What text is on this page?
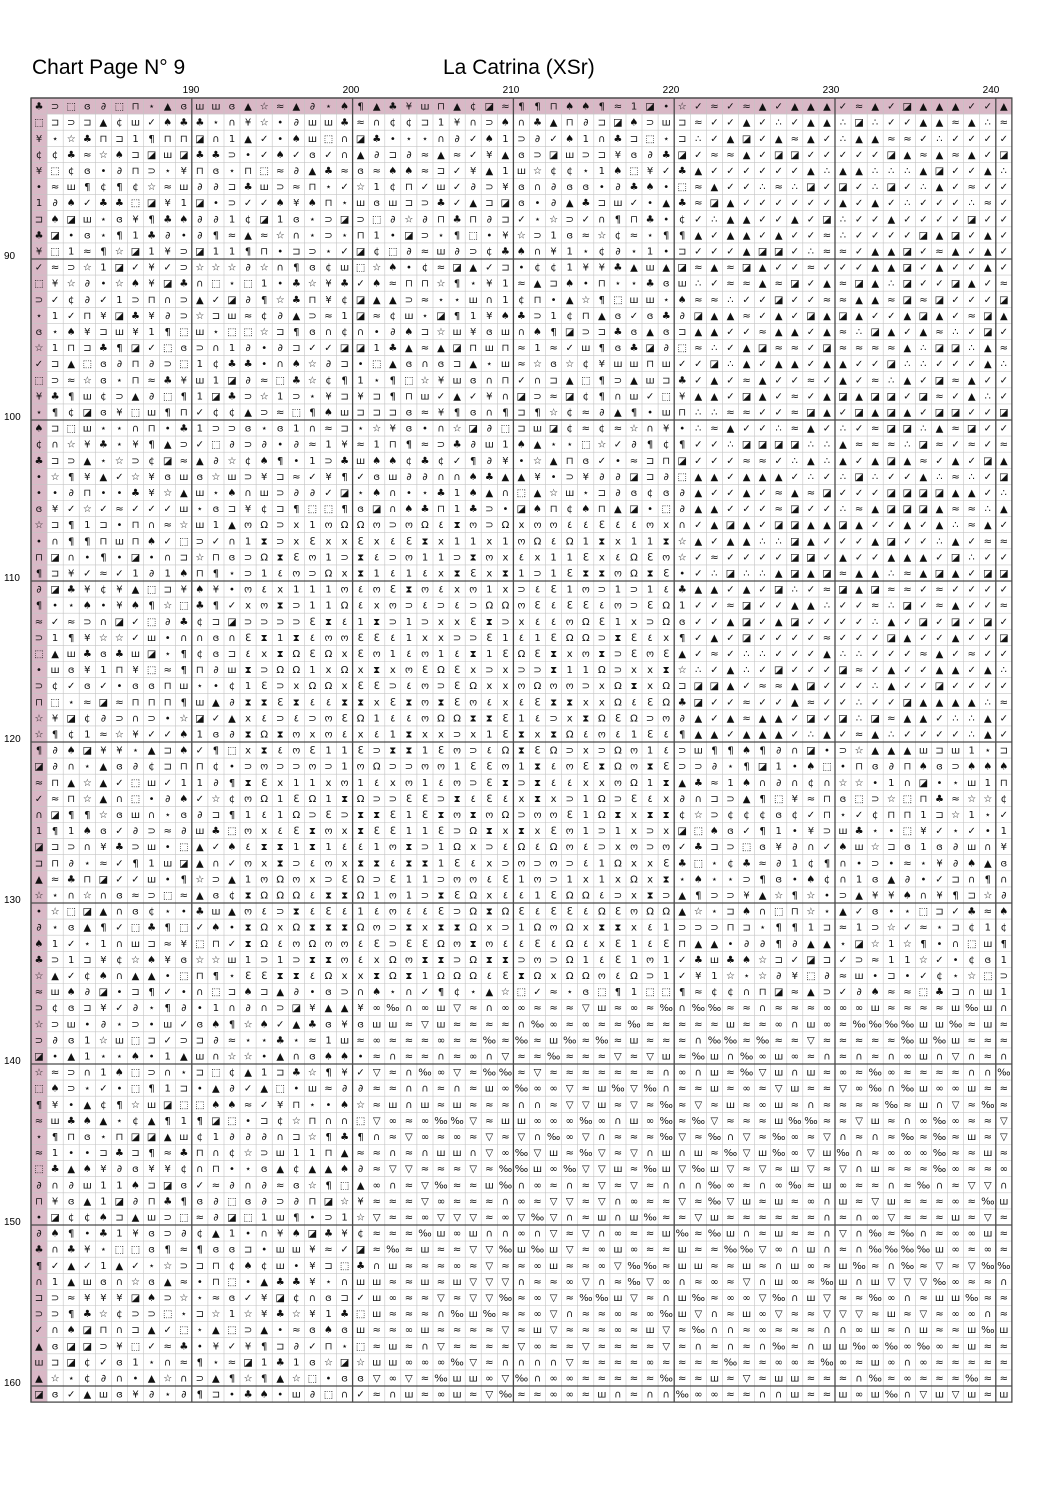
Chart Page N° 9	La Catrina (XSr)
190	200	210	220	230	240
90
100
110
120
130
140
150
160
♣ ⊃ ⬚ ɞ ∂ ⬚ ⊓ ⋆ ▲ ɞ ш ш ɞ ▲ ☆ ≈ ▲ ∂ ⋆ ♠ ¶ ▲ ♣ ¥ ш ⊓ ▲ ¢ ◪ ≈ ¶ ¶ ⊓ ♠ ♠ ¶ ≈ 1 ◪ • ☆ ✓ ≈ ✓ ≈ ▲ ✓ ▲ ▲ ▲ ✓ ≈ ▲ ✓ ◪ ▲ ▲ ▲ ✓ ✓ ▲
⬚ ⊐ ⊃ ⊐ ▲ ¢ ш ✓ ♠ ♣ ♣ ⋆ ∩ ¥ ☆ • ∂ ш ш ♣ ≈ ∩ ¢ ¢ ⊐ 1 ¥ ∩ ⊃ ♠ ∩ ♣ ▲ ⊓ ∂ ⊐ ◪ ♠ ⊃ ш ⊐ ≈ ✓ ✓ ▲ ✓ ∴ ✓ ▲ ▲ ∴ ◪ ∴ ✓ ✓ ▲ ▲ ≈ ▲ ∴ ≈
¥ ⋆ ☆ ♣ ⊓ ⊐ 1 ¶ ⊓ ⊓ ◪ ∩ 1 ▲ ✓ • ♠ ш ⬚ ∩ ◪ ♣ • ⋆ ⋆ ∩ ∂ ✓ ♠ 1 ⊃ ∂ ✓ ♠ 1 ∩ ♣ ⊐ ⬚ ⋆ ⊐ ∴ ✓ ▲ ◪ ✓ ▲ ≈ ▲ ✓ ∴ ▲ ▲ ≈ ≈ ✓ ∴ ✓ ✓ ✓ ✓
¢ ¢ ♣ ≈ ☆ ♠ ⊐ ◪ ш ◪ ♣ ♣ ⊃ • ✓ ♠ ✓ ɞ ✓ ∩ ▲ ∂ ⊐ ∂ ≈ ▲ ≈ ✓ ¥ ▲ ɞ ⊃ ◪ ш ⊃ ⊐ ¥ ɞ ∂ ♣ ◪ ✓ ≈ ≈ ▲ ✓ ◪ ◪ ✓ ✓ ✓ ✓ ✓ ◪ ▲ ≈ ▲ ≈ ▲ ✓ ◪
¥ ⬚ ¢ ɞ • ∂ ⊓ ⊃ ⋆ ¥ ⊓ ɞ ⋆ ⊓ ⬚ ≈ ∂ ▲ ♣ ≈ ɞ ≈ ♠ ♠ ≈ ⊐ ✓ ¥ ▲ 1 ш ☆ ¢ ¢ ⋆ 1 ♠ ⬚ ¥ ✓ ♣ ▲ ✓ ✓ ✓ ✓ ✓ ✓ ▲ ∴ ▲ ▲ ∴ ∴ ∴ ▲ ◪ ✓ ✓ ▲ ∴
• ≈ ш ¶ ¢ ¶ ¢ ☆ ≈ ш ∂ ∂ ⊐ ♣ ш ⊃ ≈ ⊓ ⋆ ✓ ☆ 1 ¢ ⊓ ✓ ш ✓ ∂ ⊃ ¥ ɞ ∩ ∂ ɞ ɞ • ∂ ♣ ♠ • ⬚ ≈ ▲ ✓ ✓ ∴ ≈ ∴ ◪ ✓ ◪ ✓ ∴ ◪ ✓ ∴ ▲ ✓ ≈ ✓ ✓
1 ∂ ♠ ✓ ♣ ♣ ⬚ ◪ ¥ 1 ◪ • ⊃ ✓ ✓ ♠ ¥ ♠ ⊓ ⋆ ш ɞ ш ⊐ ⊃ ♣ ✓ ▲ ⊐ ◪ ɞ • ∂ ▲ ♣ ⊐ ш ✓ • ▲ ♣ ≈ ◪ ▲ ✓ ✓ ✓ ✓ ✓ ✓ ▲ ✓ ▲ ✓ ∴ ✓ ✓ ✓ ∴ ≈ ✓
⊐ ♠ ◪ ш ⋆ ɞ ¥ ¶ ♣ ♠ ∂ ∂ 1 ¢ ◪ 1 ɞ ⋆ ⊃ ◪ ⊃ ⬚ ∂ ☆ ∂ ⊓ ♣ ⊓ ∂ ⊐ ✓ ⋆ ☆ ⊃ ✓ ∩ ¶ ⊓ ♣ • ¢ ✓ ∴ ▲ ▲ ✓ ✓ ▲ ✓ ◪ ∴ ✓ ✓ ▲ ✓ ✓ ✓ ✓ ◪ ✓ ✓
♣ ◪ • ɞ ⋆ ¶ 1 ♣ ∂ • ∂ ¶ ≈ ▲ ≈ ☆ ∩ ⋆ ⊃ ⋆ ⊓ 1 • ◪ ⊃ ⋆ ¶ ⬚ • ¥ ☆ ⊃ 1 ɞ ≈ ☆ ¢ ≈ ⋆ ¶ ¶ ▲ ✓ ▲ ▲ ✓ ▲ ✓ ✓ ≈ ∴ ✓ ✓ ✓ ✓ ◪ ▲ ◪ ✓ ▲ ✓
¥ ⬚ 1 ≈ ¶ ☆ ◪ 1 ¥ ⊃ ◪ 1 1 ¶ ⊓ • ⊐ ⊃ ⋆ ✓ ◪ ¢ ⬚ ∂ ≈ ш ∂ ⊃ ¢ ♣ ♠ ∩ ¥ 1 ⋆ ¢ ∂ ⋆ 1 • ⊐ ✓ ✓ ✓ ▲ ◪ ◪ ✓ ∴ ≈ ≈ ✓ ▲ ▲ ◪ ✓ ≈ ▲ ✓ ▲ ✓
✓ ≈ ⊃ ☆ 1 ◪ ✓ ¥ ✓ ⊃ ☆ ☆ ☆ ∂ ☆ ∩ ¶ ɞ ¢ ш ⬚ ☆ ♠ • ¢ ≈ ◪ ▲ ✓ ⊐ • ¢ ¢ 1 ¥ ¥ ♣ ▲ ш ▲ ◪ ≈ ▲ ≈ ◪ ▲ ✓ ✓ ≈ ✓ ✓ ✓ ▲ ▲ ◪ ✓ ▲ ✓ ✓ ▲ ✓
⬚ ¥ ☆ ∂ • ☆ ♠ ¥ ◪ ♣ ∩ ⬚ ⋆ ⬚ 1 • ♣ ☆ ¥ ♣ ✓ ♠ ≈ ⊓ ⊓ ☆ ¶ ⋆ ¥ 1 ≈ ▲ ⊐ ♠ • ⊓ ⋆ ⋆ ♣ ɞ ш ∴ ✓ ≈ ≈ ▲ ≈ ◪ ✓ ▲ ≈ ◪ ▲ ∴ ◪ ✓ ✓ ◪ ▲ ✓ ≈
⊃ ✓ ¢ ∂ ✓ 1 ⊃ ⊓ ∩ ⊃ ▲ ✓ ◪ ∂ ¶ ☆ ♣ ⊓ ¥ ¢ ◪ ▲ ▲ ⊃ ≈ ⋆ ⋆ ш ∩ 1 ¢ ⊓ • ▲ ☆ ¶ ⬚ ш ш ⋆ ♠ ≈ ≈ ∴ ✓ ✓ ◪ ✓ ✓ ≈ ≈ ▲ ▲ ≈ ◪ ≈ ◪ ✓ ✓ ✓ ◪
⋆ 1 ✓ ⊓ ¥ ◪ ♣ ¥ ∂ ⊃ ☆ ⊐ ш ≈ ¢ ∂ ▲ ⊃ ≈ 1 ◪ ≈ ¢ ш ⋆ ◪ ¶ 1 ¥ ♠ ♣ ⊃ 1 ¢ ⊓ ▲ ɞ ✓ ɞ ♣ ∂ ◪ ▲ ▲ ≈ ✓ ▲ ✓ ◪ ▲ ◪ ▲ ✓ ✓ ▲ ◪ ▲ ✓ ≈ ◪ ▲
ɞ ⋆ ♠ ¥ ⊐ ш ¥ 1 ¶ ⬚ ш ⋆ ⬚ ⬚ ☆ ⊐ ¶ ɞ ∩ ¢ ∩ • ∂ ♠ ⊐ ☆ ш ¥ ɞ ш ∩ ♠ ¶ ◪ ⊃ ⊐ ♣ ɞ ▲ ɞ ⊐ ▲ ▲ ✓ ✓ ≈ ▲ ▲ ✓ ▲ ≈ ∴ ◪ ▲ ✓ ▲ ≈ ∴ ✓ ◪ ✓
☆ 1 ⊓ ⊐ ♣ ¶ ◪ ✓ ⬚ ɞ ⊃ ∩ 1 ∂ • ∂ ⊐ ✓ ✓ ◪ ◪ 1 ♣ ▲ ≈ ▲ ◪ ⊓ ш ⊓ ≈ 1 ≈ ✓ ш ¶ ɞ ♣ ◪ ∂ ⬚ ≈ ∴ ✓ ▲ ◪ ≈ ≈ ✓ ◪ ≈ ≈ ≈ ≈ ▲ ∴ ◪ ◪ ∴ ▲ ≈
✓ ⊐ ▲ ⬚ ɞ ∂ ⊓ ∂ ⊃ ⬚ 1 ¢ ♣ ♣ • ∩ ♠ ☆ ∂ ⊐ • ⬚ ▲ ɞ ∩ ɞ ⊐ ▲ ⋆ ш ≈ ☆ ɞ ☆ ¢ ¥ ш ш ⊓ ш ✓ ✓ ◪ ∴ ▲ ✓ ▲ ▲ ✓ ▲ ▲ ✓ ✓ ◪ ∴ ∴ ✓ ✓ ✓ ▲ ∴
⬚ ⊃ ≈ ☆ ɞ ⋆ ⊓ ≈ ♣ ¥ ш 1 ◪ ∂ ≈ ⬚ ♣ ☆ ¢ ¶ 1 ⋆ ¶ ⬚ ☆ ¥ ш ɞ ∩ ⊓ ✓ ∩ ⊐ ▲ ⬚ ¶ ⊃ ▲ ш ⊐ ♣ ✓ ▲ ✓ ≈ ▲ ✓ ✓ ≈ ✓ ▲ ✓ ≈ ∴ ▲ ✓ ◪ ≈ ▲ ✓ ✓
¥ ♣ ¶ ш ¢ ⊃ ▲ ∂ ⬚ ¶ 1 ◪ ♣ ⊃ ☆ 1 ⊃ ⋆ ¥ ⊐ ¥ ⊐ ¶ ⊓ ш ✓ ▲ ✓ ¥ ∩ ◪ ⊃ ≈ ◪ ¢ ¶ ∩ ш ✓ ⬚ ¥ ▲ ▲ ✓ ◪ ▲ ✓ ≈ ✓ ▲ ◪ ▲ ◪ ◪ ✓ ◪ ≈ ✓ ▲ ∴ ✓
⋆ ¶ ¢ ◪ ɞ ¥ ⬚ ш ¶ ⊓ ✓ ¢ ¢ ▲ ⊃ ≈ ⬚ ¶ ♠ ш ⊐ ⊐ ⊐ ɞ ≈ ¥ ¶ ɞ ∩ ¶ ⊐ ¶ ☆ ¢ ≈ ∂ ▲ ¶ • ш ⊓ ∴ ∴ ≈ ≈ ✓ ✓ ≈ ◪ ▲ ✓ ◪ ▲ ◪ ▲ ✓ ◪ ◪ ✓ ✓ ◪
♠ ⊐ ⬚ ш ⋆ ⋆ ∩ ⊓ • ♣ 1 ⊃ ⊃ ɞ ⋆ ɞ 1 ∩ ≈ ⊐ ⋆ ☆ ¥ ɞ • ∩ ☆ ◪ ∂ ⬚ ⊐ ш ◪ ¢ ≈ ¢ ≈ ☆ ∩ ¥ • ∴ ≈ ▲ ✓ ✓ ∴ ≈ ▲ ✓ ∴ ✓ ≈ ◪ ◪ ∴ ▲ ≈ ◪ ✓ ✓
¢ ∩ ☆ ¥ ♣ ⋆ ¥ ¶ ▲ ⊃ ✓ ⬚ ∂ ⊃ ∂ • ∂ ≈ 1 ¥ ≈ 1 ⊓ ¶ ≈ ⊃ ♣ ∂ ш 1 ♠ ▲ ⋆ ⋆ ⬚ ☆ ✓ ∂ ¶ ¢ ¶ ✓ ✓ ∴ ◪ ◪ ◪ ◪ ∴ ∴ ▲ ≈ ≈ ≈ ∴ ◪ ≈ ✓ ≈ ✓ ≈
♣ ⊐ ⊃ ▲ ⋆ ☆ ⊃ ¢ ◪ ≈ ▲ ∂ ☆ ¢ ♠ ¶ • 1 ⊃ ♣ ш ♠ ♠ ¢ ♣ ¢ ✓ ¶ ∂ ¥ • ☆ ▲ ⊓ ɞ ✓ • ≈ ⊐ ⊓ ◪ ✓ ✓ ✓ ≈ ≈ ✓ ∴ ▲ ∴ ▲ ✓ ▲ ◪ ▲ ≈ ✓ ▲ ✓ ◪ ▲
• ☆ ¶ ¥ ▲ ✓ ☆ ¥ ɞ ш ɞ ☆ ш ⊃ ¥ ⊐ ≈ ✓ ¥ ¶ ✓ ɞ ш ∂ ∂ ∩ ∩ ♠ ♣ ▲ ▲ ¥ • ⊃ ¥ ∂ ∂ ◪ ⊐ ∂ ⬚ ▲ ▲ ✓ ▲ ▲ ▲ ✓ ∴ ✓ ∴ ◪ ∴ ✓ ✓ ▲ ∴ ≈ ∴ ✓ ◪
• • ∂ ⊓ • • ♣ ¥ ☆ ▲ ш ⋆ ♠ ∩ ш ⊃ ∂ ∂ ✓ ◪ ⋆ ♠ ∩ • ⋆ ♣ 1 ♠ ▲ ∩ ⬚ ▲ ☆ ш ⋆ ⊐ ∂ ɞ ¢ ɞ ∂ ▲ ✓ ✓ ▲ ✓ ≈ ▲ ≈ ◪ ✓ ✓ ✓ ◪ ◪ ◪ ◪ ▲ ▲ ✓ ∴
ɞ ¥ ✓ ☆ ✓ ≈ ✓ ✓ ✓ ш ⋆ ɞ ⊐ ¥ ¢ ⊐ ¶ ⬚ ⬚ ¶ ɞ ◪ ∩ ♠ ♣ ⊓ 1 ♣ ⊃ • ◪ ♠ ⊓ ¢ ♠ ⊓ ▲ ◪ • ⬚ ∂ ▲ ▲ ✓ ✓ ✓ ≈ ◪ ✓ ✓ ∴ ≈ ▲ ◪ ◪ ◪ ▲ ≈ ≈ ∴ ▲
☆ ⊐ ¶ 1 ⊐ • ⊓ ∩ ≈ ☆ ш 1 ▲ ო Ω ⊃ x 1 ო Ω Ω ო ⊃ ო Ω ٤ ⧗ ო ⊃ Ω x ო ო ٤ ٤ ℇ ٤ ٤ ო x ∩ ✓ ▲ ◪ ▲ ✓ ◪ ◪ ▲ ▲ ◪ ▲ ✓ ✓ ▲ ✓ ▲ ∴ ≈ ▲ ✓
• ∩ ¶ ¶ ⊓ ш ⊓ ♠ ✓ ⬚ ⊃ ✓ ∩ 1 ⧗ ⊃ x ℇ x x ℇ x ٤ ℇ ⧗ x 1 1 x 1 ო Ω ٤ Ω 1 ⧗ x 1 1 ⧗ ☆ ▲ ✓ ▲ ▲ ∴ ∴ ◪ ▲ ✓ ✓ ✓ ▲ ◪ ✓ ✓ ∴ ▲ ✓ ≈ ≈
⊓ ◪ ∩ • ¶ • ◪ • ∩ ⊐ ☆ ⊓ ɞ ⊃ Ω ⧗ ℇ ო 1 ⊃ ⧗ ٤ ⊃ ო 1 1 ⊃ ⧗ ო x ٤ x 1 1 ℇ x ٤ Ω ℇ ო ☆ ✓ ≈ ✓ ✓ ✓ ✓ ◪ ◪ ✓ ▲ ✓ ✓ ▲ ▲ ▲ ✓ ◪ ∴ ✓ ✓
¶ ⊐ ¥ ✓ ≈ ✓ 1 ∂ 1 ♠ ⊓ ¶ ⋆ ⊃ 1 ٤ ო ⊃ Ω x ⧗ 1 ٤ 1 ٤ x ⧗ ℇ x ⧗ 1 ⊃ 1 ℇ ⧗ ⧗ ო Ω ⧗ ℇ • ✓ ∴ ◪ ∴ ∴ ▲ ◪ ▲ ◪ ≈ ▲ ▲ ∴ ≈ ▲ ◪ ▲ ✓ ◪ ◪
∂ ◪ ♣ ¥ ¢ ¥ ▲ ⬚ ⊐ ¥ ♠ ¥ • ო ٤ x 1 1 1 ო ٤ ო ℇ ⧗ ო ٤ x ო 1 x ⊃ ٤ ℇ 1 ო ⊃ 1 ⊃ 1 ٤ ♣ ▲ ▲ ✓ ▲ ✓ ◪ ∴ ✓ ≈ ◪ ▲ ◪ ≈ ≈ ✓ ≈ ✓ ✓ ✓ ✓
¶ • ⋆ ♠ • ¥ ♠ ¶ ☆ ⬚ ♣ ¶ ✓ x ო ⧗ ⊃ 1 1 Ω ٤ x ო ⊃ ٤ ⊃ ٤ ⊃ Ω Ω ო ℇ ٤ ℇ ℇ ٤ ო ⊃ ℇ Ω 1 ✓ ✓ ≈ ◪ ✓ ✓ ▲ ▲ ∴ ✓ ✓ ≈ ∴ ◪ ✓ ≈ ▲ ✓ ✓ ≈
≈ ✓ ≈ ⊃ ∩ ◪ ✓ ⬚ ∂ ♣ ¢ ⊐ ◪ ⊃ ⊃ ⊃ ⊃ ℇ ⧗ ٤ 1 ⧗ ⊃ 1 ⊃ x x ℇ ⧗ ⊃ x ٤ ٤ ო Ω ℇ 1 x ⊃ Ω ɞ ✓ ✓ ▲ ◪ ✓ ▲ ◪ ✓ ✓ ✓ ✓ ∴ ▲ ✓ ◪ ✓ ◪ ✓ ◪ ✓
⊃ 1 ¶ ¥ ☆ ☆ ✓ ш • ∩ ∩ ɞ ∩ ℇ ⧗ 1 ⧗ ٤ ო ო ℇ ℇ ٤ 1 x x ⊃ ⊃ ℇ 1 ٤ 1 ℇ Ω Ω ⊃ ⧗ ℇ ٤ x ¶ ✓ ▲ ✓ ◪ ✓ ✓ ✓ ✓ ≈ ✓ ✓ ✓ ◪ ▲ ✓ ✓ ▲ ✓ ✓ ◪
⬚ ▲ ш ♣ ɞ ♣ ш ◪ ⋆ ¶ ¢ ɞ ⊐ ٤ x ⧗ Ω ℇ Ω x ℇ ო 1 ٤ ო 1 ٤ ⧗ 1 ℇ Ω ℇ ⧗ x ო ⧗ ⊃ ℇ ო ℇ ▲ ✓ ≈ ✓ ∴ ∴ ✓ ✓ ✓ ▲ ∴ ∴ ✓ ✓ ✓ ≈ ▲ ✓ ≈ ✓ ✓
• ш ɞ ¥ 1 ⊓ ¥ ⬚ ≈ ¶ ⊓ ∂ ш ⧗ ⊃ Ω Ω 1 x Ω x ⧗ x ო ℇ Ω ℇ x ⊃ x ⊃ ⊃ ⧗ 1 1 Ω ⊃ x x ⧗ ☆ ∴ ✓ ▲ ∴ ✓ ◪ ✓ ✓ ✓ ◪ ≈ ✓ ▲ ✓ ✓ ▲ ▲ ✓ ▲ ∴
⊃ ¢ ✓ ɞ ✓ • ɞ ɞ ⊓ ш ⋆ • ¢ 1 ℇ ⊃ x Ω Ω x ℇ ℇ ⊃ ٤ ო ⊃ ℇ Ω x x ო Ω ო ო ⊃ x Ω ⧗ x Ω ⊐ ◪ ◪ ▲ ✓ ≈ ≈ ▲ ◪ ✓ ✓ ✓ ∴ ▲ ✓ ✓ ◪ ✓ ✓ ✓ ✓
⊓ ⬚ ⋆ ≈ ◪ ≈ ⊓ ⊓ ⊓ ¶ ш ▲ ∂ ⧗ ⧗ ℇ ⧗ ٤ ٤ ⧗ ⧗ x ℇ ⧗ ო ⧗ ℇ ო ٤ x ٤ ℇ ⧗ ⧗ x x Ω ٤ ℇ Ω ♣ ◪ ✓ ✓ ≈ ✓ ✓ ▲ ≈ ✓ ✓ ∴ ✓ ✓ ◪ ▲ ▲ ▲ ▲ ∴ ≈
☆ ¥ ◪ ¢ ∂ ⊃ ∩ ⊃ • ☆ ◪ ✓ ▲ x ٤ ⊃ ٤ ⊃ ო ℇ Ω 1 ٤ ٤ ო Ω Ω ⧗ ⧗ ℇ 1 ٤ ⊃ x ⧗ Ω ℇ Ω ⊃ ო ∂ ▲ ✓ ▲ ≈ ▲ ▲ ✓ ◪ ✓ ◪ ∴ ◪ ≈ ▲ ▲ ✓ ∴ ∴ ▲ ✓
☆ ¶ ¢ 1 ≈ ☆ ¥ ✓ ✓ ♠ 1 ɞ ∂ ⧗ Ω ⧗ ო x ო ٤ x ٤ 1 ⧗ x x ⊃ x 1 ℇ ⧗ x ⧗ Ω ٤ ო ٤ 1 ℇ ٤ ¶ ▲ ▲ ✓ ▲ ▲ ▲ ✓ ∴ ▲ ✓ ≈ ▲ ∴ ✓ ✓ ✓ ✓ ∴ ▲ ✓
¶ ∂ ♠ ◪ ¥ ¥ ⋆ ▲ ⊐ ♠ ✓ ¶ ⬚ x ⧗ ٤ ო ℇ 1 1 ℇ ⊃ ⧗ ⧗ 1 ℇ ო ⊃ ٤ Ω ⧗ ℇ Ω ⊃ x ⊃ Ω ო 1 ٤ ⊃ ш ¶ ¶ ♠ ¶ ∂ ∩ ◪ • ⊃ ☆ ▲ ▲ ▲ ш ⊐ ш 1 ⋆ ⊐
◪ ∂ ∩ ⋆ ▲ ɞ ∂ ¢ ⊐ ⊓ ⊓ ¢ • ⊃ ო ⊃ ⊃ ო ⊃ 1 ო Ω ⊃ ⊃ ო ო 1 ℇ ℇ ო 1 ⧗ ٤ ო ℇ ⧗ Ω ო ⧗ ℇ ⊃ ⊃ ∂ ⋆ ¶ ◪ 1 • ♠ ⬚ • ⊓ ɞ ∂ ⊓ ♠ ɞ ⊃ ♠ ♠ ♠
≈ ⊓ ▲ ☆ ▲ ✓ ⬚ ш ✓ 1 1 ∂ ¶ ⧗ ℇ x 1 1 x ო 1 ٤ x ო 1 ٤ ო ⊃ ℇ ⧗ ⊃ ⧗ ٤ ٤ x x ო Ω 1 ⧗ ▲ ♣ ≈ 1 ♠ ∩ ∂ ∩ ¢ ∩ ☆ ☆ • 1 ∩ ◪ • ⋆ ш 1 ⊓
✓ ≈ ⊓ ☆ ▲ ∩ ⬚ • ∂ ♠ ✓ ☆ ¢ ო Ω 1 ℇ Ω 1 ⧗ Ω ⊃ ⊃ ℇ ℇ ⊃ ⧗ ٤ ℇ ٤ x ⧗ x ⊃ 1 Ω ⊃ ℇ ٤ x ∂ ∩ ⊐ ⊃ ▲ ¶ ⬚ ¥ ≈ ⊓ ɞ ⬚ ⊃ ☆ ⬚ ⊓ ♣ ≈ ☆ ☆ ¢
∩ ◪ ¶ ¶ ☆ ɞ ш ∩ ⋆ ɞ ∂ ⊐ ¶ 1 ٤ 1 Ω ⊃ ℇ ⊃ ⧗ ⧗ ℇ 1 ℇ ⧗ ო ⧗ ო Ω ⊃ ო ო ℇ 1 Ω ⧗ x ⧗ ⧗ ¢ ☆ ⊃ ¢ ¢ ¢ ɞ ¢ ✓ ⊓ ⋆ ✓ ¢ ⊓ ⊓ 1 ⊐ ☆ 1 ⋆ ✓
1 ¶ 1 ♠ ɞ ✓ ∂ ⊃ ≈ ∂ ш ♣ ⬚ ო x ٤ ℇ ⧗ ო x ⧗ ℇ ℇ 1 1 ℇ ⊃ Ω ⧗ x ⧗ x ℇ ო 1 ⊃ 1 x ⊃ x ◪ ⬚ ♠ ɞ ✓ ¶ 1 • ¥ ⊃ ш ♣ ⋆ • ⬚ ¥ ✓ ⋆ ✓ • 1
◪ ⊐ ⊃ ∩ ¥ ♣ ⊃ ш • ⬚ ▲ ✓ ♠ ٤ ⧗ ⧗ 1 ⧗ 1 ٤ ٤ 1 ო ⧗ ⊃ 1 Ω x ⊃ ٤ Ω ٤ Ω ო ٤ ⊃ x ო ⊃ ო ✓ ♣ ⊐ ⊃ ⬚ ɞ ¥ ∂ ∩ ✓ ♠ ш ☆ ⊐ ɞ 1 ɞ ∂ ш ∩ ¥
⊐ ⊓ ∂ ⋆ ≈ ✓ ¶ 1 ш ◪ ▲ ∩ ✓ ო x ⧗ ⊃ ٤ ო x ⧗ ⧗ ٤ ⧗ ⧗ 1 ℇ ٤ x ⊃ ო ⊃ ო ⊃ ٤ 1 Ω x x ℇ ♣ ⬚ ⋆ ¢ ♣ ≈ ∂ 1 ¢ ¶ ∩ • ⊃ • ≈ ⋆ ¥ ∂ ♠ ▲ ɞ
▲ ≈ ♣ ⊓ ◪ ✓ ✓ ш • ¶ ☆ ⊃ ▲ 1 ო Ω ო x ⊃ ℇ Ω ⊃ ℇ 1 1 ⊃ ო ო ٤ ℇ 1 ო ⊃ 1 x 1 x Ω x ⧗ ⋆ ♠ ⋆ ⋆ ⊃ ¶ ɞ • ♠ ¢ ∩ 1 ɞ ▲ ∂ • ✓ ⊐ ∩ ¶ ∩
☆ ⋆ ∩ ☆ ∩ ɞ ≈ ⊃ ⬚ ≈ ▲ ɞ ¢ ⧗ Ω Ω Ω ٤ ⧗ ⧗ Ω 1 ო 1 ⊃ ⧗ ℇ Ω x ٤ ٤ 1 ℇ Ω Ω ٤ ⊃ x ⧗ ⊃ ▲ ¶ ⊃ ⊃ ¥ ▲ ☆ ¶ ☆ • ⊃ ▲ ¥ ¥ ♠ ∩ ¥ ¶ ⊐ ☆ ∂
• ☆ ⬚ ◪ ▲ ∩ ɞ ¢ ⋆ • ♣ ш ▲ ო ٤ ⊃ ⧗ ٤ ℇ ٤ 1 ٤ ო ٤ ٤ ℇ ⊃ Ω ⧗ Ω ℇ ٤ ℇ ℇ ٤ Ω ℇ ო Ω Ω ▲ ☆ ⋆ ⊐ ♠ ∩ ⬚ ⊓ ☆ ⋆ ▲ ✓ ɞ • ⋆ ⬚ ⊐ ✓ ♣ ≈ ♠
∂ ⋆ ɞ ▲ ¶ ✓ ⬚ ♣ ¶ ⬚ ✓ ♠ • ⧗ Ω x Ω ⧗ ⧗ ⧗ Ω ო ⊃ ⧗ x ⧗ ⧗ Ω x ⊃ 1 Ω ო Ω x ⧗ ⧗ x ٤ 1 ⊃ ⊃ ⊃ ⊓ ⊐ ⋆ ¶ ¶ 1 ⊐ ≈ 1 ⊃ ☆ ✓ ≈ ⋆ ⊐ ¢ 1 ¢
♠ 1 ✓ ⋆ 1 ∩ ш ⊐ ≈ ¥ ⬚ ⊓ ✓ ⧗ Ω ٤ ო Ω ო ო ٤ ℇ ⊃ ℇ ℇ Ω ო ⧗ ო ٤ ٤ ℇ ٤ Ω ٤ x ℇ 1 ٤ ℇ ⊓ ▲ ▲ • ∂ ∂ ¶ ∂ ▲ ▲ ⋆ ◪ ☆ 1 ☆ ¶ • ∩ ⬚ ш ¶
♣ ⊃ 1 ⊐ ¥ ¢ ☆ ♠ ¥ ɞ ☆ ☆ ш 1 ⊃ 1 ⊃ ⧗ ⧗ ო ٤ x Ω ო ⧗ ⧗ ⊃ Ω ⧗ ⧗ ⊃ ო ⊃ Ω 1 ٤ ℇ 1 ო 1 ✓ ♣ ш ♣ ♠ ☆ ⊐ ✓ ◪ ⊐ ✓ ⊃ ≈ 1 1 ☆ ✓ • ¢ ɞ 1
☆ ▲ ✓ ¢ ♠ ∩ ▲ ▲ • ⬚ ⊓ ¶ ⋆ ℇ ℇ ⧗ ⧗ ٤ Ω x x ⧗ Ω ⧗ 1 Ω Ω Ω ٤ ℇ ⧗ Ω x Ω Ω ო ٤ Ω ⊃ 1 ✓ ¥ 1 ☆ ⋆ ☆ ∂ ¥ ⬚ ∂ ≈ ш • ⊐ • ✓ ¢ ⋆ ☆ ⬚ ⊃
≈ ш ♠ ∂ ◪ • ⊐ ¶ ✓ • ∩ ⬚ ⊐ ♠ ⊐ ▲ ∂ • ɞ ⊃ ∩ ♠ ⋆ ∩ ✓ ¶ ¢ ⋆ ▲ ☆ ⬚ ✓ ≈ ⋆ ɞ ⬚ ¶ 1 ⬚ ⬚ ¶ ≈ ¢ ¢ ∩ ⊓ ◪ ≈ ▲ ⊃ ✓ ∂ ♠ ≈ ≈ ⬚ ♣ ⊐ ∩ ш 1
⊃ ¢ ɞ ⊐ ¥ ✓ ∂ ⋆ ¶ ∂ • 1 ∩ ∂ ∩ ⊃ ◪ ¥ ▲ ▲ ¥ ∞ ‰ ∩ ∞ ш ▽ ≈ ∩ ∞ ∞ ≈ ≈ ≈ ▽ ш ≈ ∞ ≈ ‰ ∩ ‰ ‰ ≈ ≈ ∩ ≈ ≈ ≈ ∞ ∞ ∞ ш ≈ ≈ ≈ ≈ ш ‰ ш ∩
☆ ⊃ ш • ∂ ⋆ ⊃ • ш ✓ ɞ ♠ ¶ ☆ ♠ ✓ ▲ ♣ ɞ ¥ ɞ ш ш ≈ ▽ ш ≈ ≈ ≈ ≈ ∩ ‰ ∞ ≈ ∞ ≈ ≈ ‰ ≈ ≈ ≈ ≈ ≈ ш ≈ ≈ ∞ ∩ ш ∞ ≈ ‰ ‰ ‰ ‰ ш ш ‰ ≈ ш ≈
⊃ ∂ ɞ 1 ☆ ш ⬚ ⊐ ✓ ⊃ ⊐ ∂ ≈ ⋆ ⋆ ♣ ⋆ ≈ 1 ш ≈ ∞ ≈ ≈ ≈ ∞ ≈ ≈ ‰ ≈ ‰ ≈ ш ‰ ≈ ‰ ≈ ш ≈ ≈ ≈ ∩ ‰ ‰ ≈ ‰ ≈ ≈ ▽ ≈ ≈ ≈ ≈ ≈ ‰ ш ‰ ш ≈ ≈ ≈
◪ • ▲ 1 ⋆ ⋆ ♠ • 1 ▲ ш ∩ ☆ ☆ • ▲ ∩ ɞ ♠ ♠ • ≈ ∩ ≈ ≈ ∩ ≈ ∞ ∩ ▽ ≈ ≈ ‰ ≈ ≈ ≈ ▽ ≈ ▽ ш ≈ ‰ ш ∩ ‰ ∞ ш ∞ ≈ ∩ ≈ ∩ ≈ ∩ ∞ ш ∩ ▽ ∩ ≈ ∩
☆ ≈ ⊃ ∩ 1 ♠ ⬚ ⊃ ∩ ⋆ ⊐ ⬚ ¢ ▲ 1 ⊐ ♣ ☆ ¶ ¥ ✓ ▽ ≈ ∩ ‰ ∞ ▽ ≈ ‰ ‰ ≈ ▽ ≈ ≈ ≈ ≈ ≈ ≈ ≈ ∩ ∞ ∩ ш ≈ ‰ ▽ ш ∩ ш ≈ ∞ ≈ ‰ ∞ ≈ ≈ ≈ ≈ ∩ ∩ ‰
⬚ ♠ ⊃ ⋆ ✓ • ⬚ ¶ 1 ⊐ • ▲ ∂ ✓ ▲ ⬚ • ш ≈ ∂ ∂ ≈ ≈ ∩ ∩ ≈ ∩ ≈ ш ∞ ‰ ∞ ∞ ▽ ≈ ш ‰ ▽ ‰ ∩ ≈ ≈ ш ≈ ∞ ≈ ▽ ш ≈ ≈ ▽ ∞ ‰ ∩ ‰ ш ∞ ∞ ш ≈ ≈
¶ ¥ • ▲ ¢ ¶ ☆ ш ◪ ⬚ ⬚ ♠ ♠ ≈ ✓ ¥ ⊓ ⋆ • ♠ ☆ ≈ ш ∩ ш ≈ ш ≈ ≈ ≈ ∩ ∩ ≈ ▽ ▽ ш ≈ ▽ ≈ ‰ ≈ ▽ ≈ ш ≈ ∞ ш ≈ ∩ ≈ ≈ ≈ ≈ ‰ ≈ ш ∩ ▽ ≈ ‰ ≈
≈ ш ♣ ♠ ▲ ⋆ ¢ ▲ ¶ 1 ¶ ◪ ⬚ • ⊐ ¢ ☆ ⊓ ∩ ∩ ⬚ ▽ ∞ ≈ ∞ ‰ ‰ ▽ ≈ ш ш ∞ ∞ ∞ ‰ ∞ ∩ ш ∞ ‰ ≈ ‰ ▽ ≈ ≈ ≈ ш ‰ ‰ ≈ ≈ ▽ ш ≈ ∩ ∞ ‰ ∞ ≈ ≈ ▽
⋆ ¶ ⊓ ɞ ⋆ ⊓ ◪ ◪ ▲ ш ¢ 1 ∂ ∂ ∂ ∩ ⊐ ☆ ¶ ♣ ¶ ∩ ≈ ▽ ∞ ≈ ∞ ≈ ▽ ≈ ▽ ∩ ‰ ∞ ▽ ∩ ≈ ≈ ≈ ‰ ▽ ≈ ‰ ∩ ▽ ≈ ‰ ∞ ≈ ▽ ∩ ≈ ∩ ≈ ‰ ≈ ‰ ≈ ш ≈ ▽
≈ 1 • • ⊐ ♣ ⊐ ¶ ≈ ♣ ⊓ ∩ ¢ ☆ ⊃ ш 1 1 ⊓ ▲ ≈ ≈ ∩ ≈ ∩ ш ш ∩ ▽ ∞ ‰ ▽ ш ≈ ‰ ▽ ≈ ▽ ∩ ш ∩ ш ≈ ‰ ▽ ш ‰ ∞ ▽ ш ‰ ∩ ≈ ∞ ∞ ∞ ‰ ≈ ≈ ш ≈
⬚ ♣ ▲ ♠ ¥ ∂ ɞ ¥ ¥ ¢ ∩ ⊓ • ⋆ ɞ ▲ ¢ ▲ ▲ ♠ ∂ ≈ ▽ ▽ ≈ ≈ ≈ ▽ ≈ ‰ ‰ ш ∞ ‰ ▽ ▽ ш ≈ ‰ ш ▽ ‰ ш ▽ ≈ ▽ ≈ ш ▽ ≈ ▽ ∩ ш ≈ ≈ ≈ ‰ ∞ ≈ ≈ ∞
∂ ∩ ∂ ш 1 1 ♠ ⊐ ◪ ɞ ✓ ≈ ∂ ∩ ∂ ≈ ɞ ☆ ¶ ⬚ ▲ ∞ ∩ ≈ ▽ ‰ ≈ ≈ ш ‰ ∩ ∞ ≈ ∩ ≈ ▽ ≈ ▽ ≈ ∩ ∩ ∩ ‰ ∞ ≈ ∩ ∞ ‰ ≈ ш ∞ ≈ ≈ ∩ ≈ ‰ ∩ ≈ ▽ ▽ ∩
⊓ ¥ ɞ ▲ 1 ◪ ∂ ⊓ ♣ ¶ ɞ ∂ ⬚ ɞ ∂ ⊃ ∂ ⊓ ◪ ☆ ¥ ≈ ≈ ≈ ▽ ∞ ≈ ≈ ≈ ∩ ∞ ≈ ▽ ▽ ≈ ▽ ∩ ∞ ≈ ≈ ▽ ≈ ‰ ▽ ш ≈ ш ≈ ∞ ∩ ш ≈ ▽ ш ≈ ≈ ≈ ∞ ≈ ‰ ш
• ◪ ¢ ¢ ♠ ⊐ ▲ ш ⊃ ⬚ ≈ ∂ ◪ ⬚ 1 ш ¶ • ⊃ 1 ☆ ▽ ≈ ≈ ∞ ▽ ▽ ▽ ≈ ∞ ▽ ‰ ▽ ∩ ≈ ш ∩ ш ‰ ≈ ≈ ▽ ш ≈ ≈ ≈ ≈ ≈ ≈ ∩ ≈ ∩ ∞ ▽ ≈ ≈ ≈ ш ≈ ▽ ≈
∂ ♠ ¶ • ♣ 1 ¥ ɞ ⊃ ∂ ¢ ▲ 1 • ∩ ¥ ♠ ◪ ♣ ¥ ¢ ≈ ≈ ≈ ‰ ш ∞ ш ∩ ∩ ∞ ∩ ▽ ≈ ▽ ∩ ∞ ≈ ≈ ш ‰ ≈ ‰ ш ∩ ≈ ш ≈ ≈ ∩ ▽ ∩ ‰ ≈ ‰ ∩ ≈ ∞ ∞ ш ≈
♣ ∩ ♣ ¥ ⋆ ⬚ ⬚ ɞ ¶ ≈ ¶ ɞ ɞ ⊐ • ш ш ¥ ≈ ✓ ◪ ≈ ‰ ≈ ш ≈ ≈ ▽ ▽ ‰ ш ‰ ш ▽ ≈ ∞ ш ∞ ≈ ≈ ш ≈ ≈ ‰ ‰ ▽ ∞ ∩ ш ∩ ≈ ∩ ‰ ‰ ‰ ‰ ш ∞ ≈ ∞ ≈
¶ ✓ ▲ ✓ 1 ▲ ✓ ⋆ ☆ ⊃ ⊐ ⊓ ¢ ♠ ¢ ш • ¥ ⊐ ⬚ ♣ ∩ ш ≈ ≈ ≈ ∞ ≈ ▽ ≈ ≈ ∞ ш ≈ ≈ ∞ ▽ ‰ ‰ ≈ ш ш ≈ ≈ ш ≈ ∩ ш ∞ ≈ ш ‰ ≈ ∩ ‰ ≈ ▽ ≈ ▽ ‰ ‰
∩ 1 ▲ ш ɞ ∩ ☆ ɞ ▲ ≈ • ⊓ ⬚ • ▲ ♣ ♣ ¥ ⋆ ∩ ш ш ≈ ≈ ш ≈ ш ▽ ▽ ▽ ∩ ≈ ≈ ∞ ▽ ∩ ≈ ‰ ▽ ∞ ∩ ≈ ∞ ≈ ▽ ∩ ш ∞ ≈ ‰ ш ∩ ш ▽ ▽ ▽ ‰ ∞ ≈ ≈ ∩
⊐ ⊃ ≈ ¥ ¥ ¥ ◪ ♠ ⊃ ☆ ⋆ ≈ ɞ ✓ ¥ ◪ ¢ ∩ ɞ ⊐ ✓ ш ∞ ≈ ≈ ▽ ≈ ▽ ▽ ‰ ≈ ∞ ▽ ≈ ‰ ‰ ш ▽ ≈ ∩ ш ‰ ≈ ∞ ∞ ▽ ‰ ∩ ш ▽ ≈ ≈ ‰ ∞ ∩ ≈ ш ш ‰ ≈ ≈
⊃ ⊃ ¶ ♣ ☆ ¢ ⊃ ⊃ ⬚ ⋆ ⊐ ☆ 1 ☆ ¥ ♣ ☆ ¥ 1 ♣ ⬚ ш ≈ ≈ ≈ ∩ ‰ ш ‰ ≈ ≈ ∞ ▽ ∩ ≈ ≈ ∞ ≈ ∞ ‰ ш ▽ ∩ ≈ ш ∞ ▽ ≈ ≈ ▽ ▽ ▽ ≈ ш ≈ ▽ ≈ ∞ ∞ ∩ ≈
✓ ∩ ♠ ◪ ⊓ ∩ ⊐ ▲ ✓ ⬚ ⋆ ▲ ⬚ ⊃ ▲ • ≈ ɞ ♠ ɞ ш ≈ ≈ ∞ ш ≈ ≈ ≈ ≈ ▽ ≈ ш ▽ ≈ ≈ ≈ ∞ ≈ ш ▽ ≈ ‰ ∩ ∩ ≈ ∞ ≈ ≈ ≈ ∩ ∩ ∞ ш ≈ ∩ ш ≈ ≈ ш ‰ ш
▲ ɞ ◪ ◪ ⊃ ¥ ⬚ ✓ ≈ ♣ • ¥ ✓ ¥ ¶ ⊐ ∂ ✓ ⊓ ⋆ ⬚ ≈ ш ≈ ∩ ▽ ≈ ≈ ≈ ≈ ▽ ∞ ≈ ≈ ▽ ≈ ≈ ≈ ≈ ▽ ≈ ∩ ≈ ∩ ≈ ∩ ‰ ≈ ∩ ш ш ‰ ∞ ‰ ∞ ‰ ∞ ≈ ш ≈ ≈
ш ⊐ ◪ ¢ ✓ ɞ 1 ⋆ ∩ ≈ ¶ ⋆ ≈ ◪ 1 ♣ 1 ɞ ☆ ◪ ☆ ш ш ∞ ∞ ∞ ‰ ▽ ≈ ∩ ∩ ∩ ∩ ▽ ≈ ≈ ≈ ≈ ∞ ≈ ≈ ≈ ≈ ‰ ≈ ≈ ∞ ∞ ≈ ‰ ∞ ≈ ш ∞ ∩ ∞ ≈ ≈ ≈ ≈ ≈
▲ ☆ ⋆ ¢ ∂ ∩ • ▲ ☆ ∩ ⊃ ▲ ¶ ☆ ¶ ▲ ☆ ⬚ • ɞ ɞ ▽ ∞ ▽ ≈ ‰ ш ш ∞ ▽ ‰ ∩ ∞ ∞ ≈ ≈ ≈ ≈ ≈ ‰ ≈ ≈ ш ≈ ▽ ≈ ш ш ≈ ≈ ≈ ∩ ‰ ≈ ∞ ≈ ≈ ≈ ‰ ≈ ≈
◪ ɞ ✓ ▲ ш ɞ ¥ ∂ ⋆ ∂ ¶ ⊐ • ♣ ♠ • ш ∂ ⬚ ∩ ✓ ≈ ∩ ш ≈ ∞ ш ≈ ▽ ‰ ≈ ≈ ∞ ∞ ≈ ш ∩ ≈ ∩ ∩ ‰ ∞ ∞ ≈ ≈ ∩ ∩ ш ≈ ≈ ш ∞ ш ‰ ∩ ▽ ш ▽ ш ≈ ш
